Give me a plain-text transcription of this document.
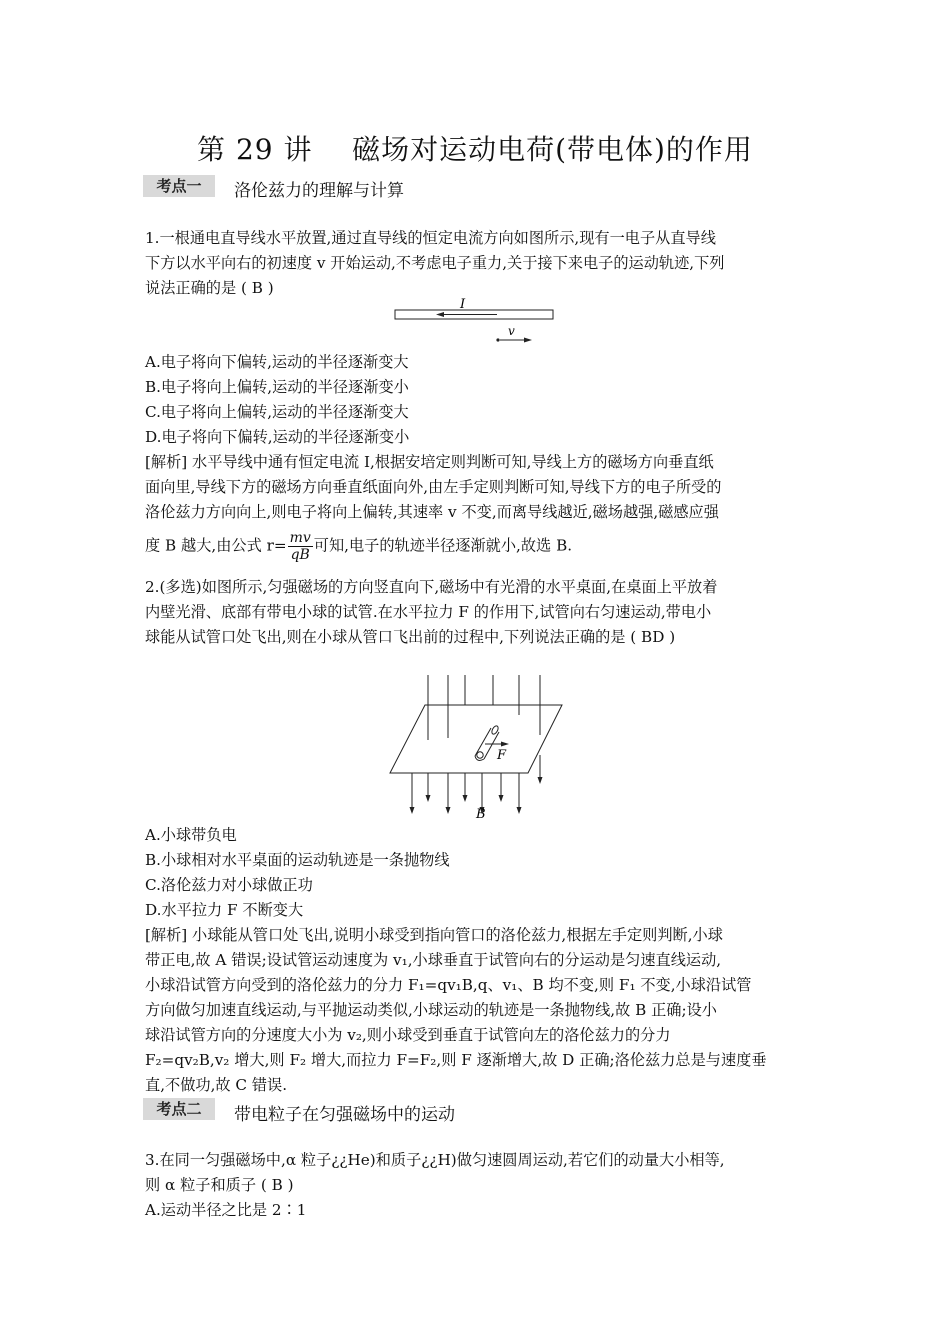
第 29 讲    磁场对运动电荷(带电体)的作用
考点一	洛伦兹力的理解与计算
1.一根通电直导线水平放置,通过直导线的恒定电流方向如图所示,现有一电子从直导线
下方以水平向右的初速度 v 开始运动,不考虑电子重力,关于接下来电子的运动轨迹,下列
说法正确的是 ( B )
I
v
A.电子将向下偏转,运动的半径逐渐变大
B.电子将向上偏转,运动的半径逐渐变小
C.电子将向上偏转,运动的半径逐渐变大
D.电子将向下偏转,运动的半径逐渐变小
[解析] 水平导线中通有恒定电流 I,根据安培定则判断可知,导线上方的磁场方向垂直纸
面向里,导线下方的磁场方向垂直纸面向外,由左手定则判断可知,导线下方的电子所受的
洛伦兹力方向向上,则电子将向上偏转,其速率 v 不变,而离导线越近,磁场越强,磁感应强
度 B 越大,由公式 $r= \frac{mv}{qB}$ 可知,电子的轨迹半径逐渐就小,故选 B.
2.(多选)如图所示,匀强磁场的方向竖直向下,磁场中有光滑的水平桌面,在桌面上平放着
内壁光滑、底部有带电小球的试管.在水平拉力 F 的作用下,试管向右匀速运动,带电小
球能从试管口处飞出,则在小球从管口飞出前的过程中,下列说法正确的是 ( BD )
F
B
A.小球带负电
B.小球相对水平桌面的运动轨迹是一条抛物线
C.洛伦兹力对小球做正功
D.水平拉力 F 不断变大
[解析] 小球能从管口处飞出,说明小球受到指向管口的洛伦兹力,根据左手定则判断,小球
带正电,故 A 错误;设试管运动速度为 v₁,小球垂直于试管向右的分运动是匀速直线运动,
小球沿试管方向受到的洛伦兹力的分力 F₁=qv₁B,q、v₁、B 均不变,则 F₁ 不变,小球沿试管
方向做匀加速直线运动,与平抛运动类似,小球运动的轨迹是一条抛物线,故 B 正确;设小
球沿试管方向的分速度大小为 v₂,则小球受到垂直于试管向左的洛伦兹力的分力
F₂=qv₂B,v₂ 增大,则 F₂ 增大,而拉力 F=F₂,则 F 逐渐增大,故 D 正确;洛伦兹力总是与速度垂
直,不做功,故 C 错误.
考点二	带电粒子在匀强磁场中的运动
3.在同一匀强磁场中,α 粒子¿¿He)和质子¿¿H)做匀速圆周运动,若它们的动量大小相等,
则 α 粒子和质子 ( B )
A.运动半径之比是 2∶1
